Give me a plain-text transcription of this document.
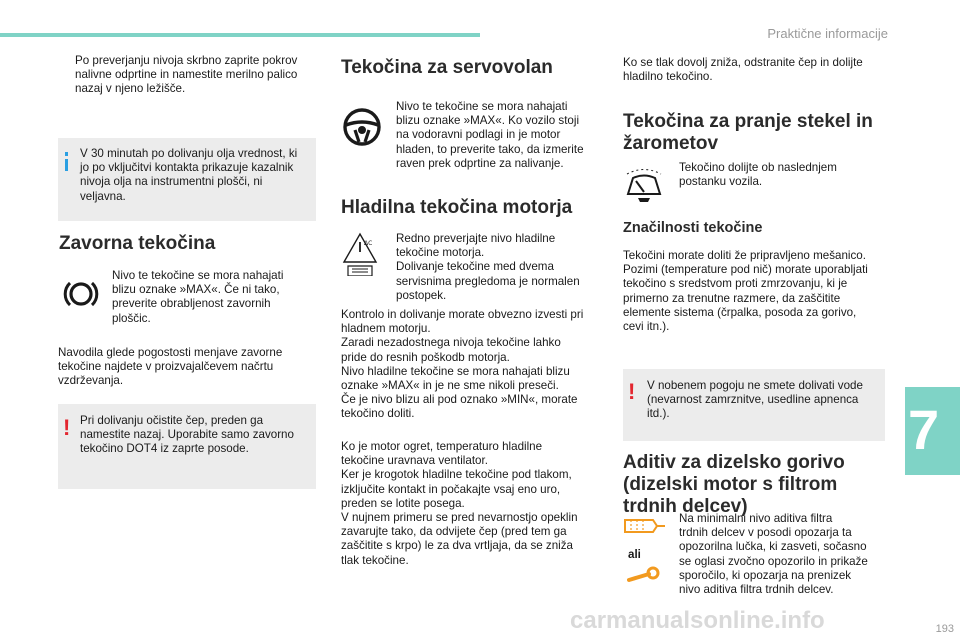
Praktične informacije
Po preverjanju nivoja skrbno zaprite pokrov
nalivne odprtine in namestite merilno palico
nazaj v njeno ležišče.
V 30 minutah po dolivanju olja vrednost, ki
jo po vključitvi kontakta prikazuje kazalnik
nivoja olja na instrumentni plošči, ni
veljavna.
Zavorna tekočina
Nivo te tekočine se mora nahajati
blizu oznake »MAX«. Če ni tako,
preverite obrabljenost zavornih
ploščic.
Navodila glede pogostosti menjave zavorne
tekočine najdete v proizvajalčevem načrtu
vzdrževanja.
! Pri dolivanju očistite čep, preden ga
namestite nazaj. Uporabite samo zavorno
tekočino DOT4 iz zaprte posode.
Tekočina za servovolan
Nivo te tekočine se mora nahajati
blizu oznake »MAX«. Ko vozilo stoji
na vodoravni podlagi in je motor
hladen, to preverite tako, da izmerite
raven prek odprtine za nalivanje.
Hladilna tekočina motorja
ΔC Redno preverjajte nivo hladilne
tekočine motorja.
Dolivanje tekočine med dvema
servisnima pregledoma je normalen
postopek.
Kontrolo in dolivanje morate obvezno izvesti pri
hladnem motorju.
Zaradi nezadostnega nivoja tekočine lahko
pride do resnih poškodb motorja.
Nivo hladilne tekočine se mora nahajati blizu
oznake »MAX« in je ne sme nikoli preseči.
Če je nivo blizu ali pod oznako »MIN«, morate
tekočino doliti.
Ko je motor ogret, temperaturo hladilne
tekočine uravnava ventilator.
Ker je krogotok hladilne tekočine pod tlakom,
izključite kontakt in počakajte vsaj eno uro,
preden se lotite posega.
V nujnem primeru se pred nevarnostjo opeklin
zavarujte tako, da odvijete čep (pred tem ga
zaščitite s krpo) le za dva vrtljaja, da se zniža
tlak tekočine.
Ko se tlak dovolj zniža, odstranite čep in dolijte
hladilno tekočino.
Tekočina za pranje stekel in
žarometov
Tekočino dolijte ob naslednjem
postanku vozila.
Značilnosti tekočine
Tekočini morate doliti že pripravljeno mešanico.
Pozimi (temperature pod nič) morate uporabljati
tekočino s sredstvom proti zmrzovanju, ki je
primerno za trenutne razmere, da zaščitite
elemente sistema (črpalka, posoda za gorivo,
cevi itn.).
! V nobenem pogoju ne smete dolivati vode
(nevarnost zamrznitve, usedline apnenca
itd.).
Aditiv za dizelsko gorivo
(dizelski motor s filtrom
trdnih delcev)
ali
Na minimalni nivo aditiva filtra
trdnih delcev v posodi opozarja ta
opozorilna lučka, ki zasveti, sočasno
se oglasi zvočno opozorilo in prikaže
sporočilo, ki opozarja na prenizek
nivo aditiva filtra trdnih delcev.
7
carmanualsonline.info	193
